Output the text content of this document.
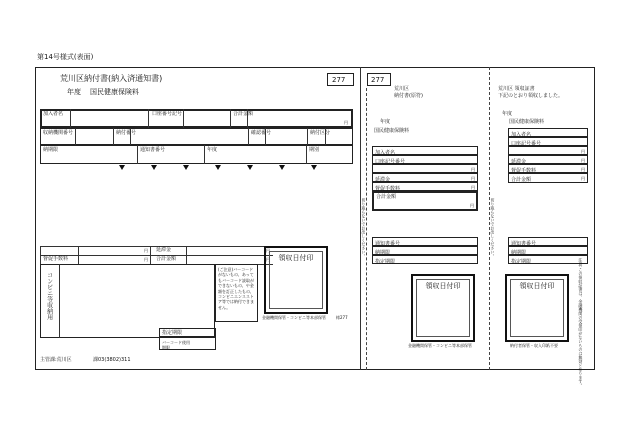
第14号様式(表面)
荒川区納付書(納入済通知書)	277
年度 国民健康保険料
加入者名	口座番号記号	合計金額
円
収納機関番号	納付番号	確認番号	納付区分
納期限	通知書番号	年度	期別
円 延滞金	円
督促手数料	円 合計金額	円
コンビニ等収納用
(ご注意)バーコードがないもの、あってもバーコード読取ができないもの、や金額を訂正したもの、コンビニエンスストア等では納付できません。
領収日付印
金融機関保管・コンビニ等本部保管	様277
指定期限
バーコード使用期限
主管課:荒川区	課03(3802)311
277
荒川区
納付書(原符)
年度
国民健康保険料
加入者名
口座記号番号
円
延滞金	円
督促手数料	円
合計金額
円
通知書番号
納期限
指定期限
領収日付印
金融機関保管・コンビニ等本部保管
切り取らないでお出しください。
荒川区 領収証書
下記のとおり領収しました。
年度
国民健康保険料
加入者名
口座記号番号
円
延滞金	円
督促手数料	円
合計金額	円
通知書番号
納期限
指定期限
領収日付印
納付者保管・収入印紙不要
切り取らないでお出しください。
注意:この領収証書は、金融機関の受領印がないものは無効となります。
